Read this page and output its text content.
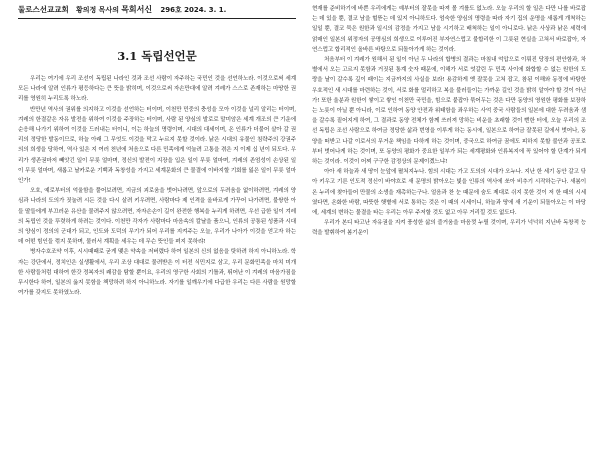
둘로스선교교회 황의정 목사의 목회서신 296호 2024. 3. 1.
3.1 독립선언문

우리는 여기에 우리 조선이 독립된 나라인 것과 조선 사람이 자주하는 국민인 것을 선언하노라. 이것으로써 세계 모든 나라에 알려 인류가 평등하다는 큰 뜻을 밝히며, 이것으로써 자손만대에 알려 겨레가 스스로 존재하는 마땅한 권리를 영원히 누리도록 하노라.

반만년 역사의 권위를 의지하고 이것을 선언하는 터이며, 이천만 민중의 충성을 모아 이것을 널리 알리는 터이며, 겨레의 한결같은 자유 발전을 위하여 이것을 주장하는 터이며, 사람 된 양심의 발로로 말미암은 세계 개조의 큰 기운에 순응해 나가기 위하여 이것을 드러내는 터이니, 이는 하늘의 명령이며, 시대의 대세이며, 온 인류가 더불어 살아 갈 권리의 정당한 발동이므로, 하늘 아래 그 무엇도 이것을 막고 누르지 못할 것이라. 낡은 시대의 유물인 침략주의 강권주의의 희생을 당하여, 역사 있은 지 여러 천년에 처음으로 다른 민족에게 억눌려 고통을 겪은 지 이제 십 년이 되도다. 우리가 생존권마저 빼앗긴 일이 무릇 얼마며, 정신의 발전이 지장을 입은 일이 무릇 얼마며, 겨레의 존엄성이 손상된 일이 무릇 얼마며, 새롭고 날카로운 기백과 독창성을 가지고 세계문화의 큰 물결에 이바지할 기회를 잃은 일이 무릇 얼마인가!

오호, 예로부터의 억울함을 풀어보려면, 지금의 괴로움을 벗어나려면, 앞으로의 두려움을 없이하려면, 겨레의 양심과 나라의 도의가 짓눌려 시든 것을 다시 살려 키우려면, 사람마다 제 인격을 올바르게 가꾸어 나가려면, 불쌍한 아들 딸들에게 부끄러운 유산을 물려주지 않으려면, 자자손손이 길이 완전한 행복을 누리게 하려면, 우선 급한 일이 겨레의 독립인 것을 뚜렷하게 하려는 것이다. 이천만 각자가 사람마다 마음속의 칼날을 품으니, 인류의 공통된 성품과 시대의 양심이 정의의 군대가 되고, 인도와 도덕의 무기가 되어 우리를 지켜주는 오늘, 우리가 나아가 이것을 얻고자 하는 데 어떤 힘인들 꺾지 못하며, 물러서 계획을 세우는 데 무슨 뜻인들 펴지 못하랴!

병자수호조약 이후, 시시때때로 굳게 맺은 약속을 저버렸다 하여 일본의 신의 없음을 탓하려 하지 아니하노라. 학자는 강단에서, 정치인은 실생활에서, 우리 조상 대대로 물려받은 이 터전 식민지로 삼고, 우리 문화민족을 마치 미개한 사람들처럼 대하여 한갓 정복자의 쾌감을 탐할 뿐이요, 우리의 영구한 사회의 기틀과, 뛰어난 이 겨레의 마음가짐을 무시한다 하여, 일본의 옳지 못함을 책망하려 하지 아니하노라. 자기를 일깨우기에 다급한 우리는 다른 사람을 원망할 여가를 갖지도 못하였노라.

현재를 준비하기에 바쁜 우리에게는 예부터의 잘못을 따져 볼 겨를도 없노라. 오늘 우리의 할 일은 다만 나를 바로잡는 데 있을 뿐, 결코 남을 헐뜯는 데 있지 아니하도다. 엄숙한 양심의 명령을 따라 자기 집의 운명을 새롭게 개척하는 일일 뿐, 결코 묵은 원한과 일시의 감정을 가지고 남을 시기하고 배척하는 일이 아니로다. 낡은 사상과 낡은 세력에 얽매인 일본의 위정자의 공명심의 희생으로 이루어진 부자연스럽고 불합리한 이 그릇된 현실을 고쳐서 바로잡아, 자연스럽고 합리적인 올바른 바탕으로 되돌아가게 하는 것이라.

처음부터 이 겨레가 원해서 된 일이 아닌 두 나라의 합병의 결과는 마침내 억압으로 이뤄진 당장의 편안함과, 차별에서 오는 고르지 못함과 거짓된 통계 숫자 때문에, 이해가 서로 엇갈린 두 민족 사이에 화합할 수 없는 원한의 도랑을 날이 갈수록 깊이 패이는 지금까지의 사실을 보라! 용감하게 옛 잘못을 고쳐 잡고, 참된 이해와 동정에 바탕한 우호적인 새 시대를 마련하는 것이, 서로 화를 멀리하고 복을 불러들이는 가까운 길인 것을 밝히 알아야 할 것이 아닌가! 또한 울분과 원한이 쌓이고 쌓인 이천만 국민을, 힘으로 붙잡아 묶어두는 것은 다만 동양의 영원한 평화를 보장하는 노릇이 아닐 뿐 아니라, 이로 인하여 동양 안전과 위태함을 좌우하는 사억 중국 사람들의 일본에 대한 두려움과 샘을 갈수록 짙어지게 하여, 그 결과로 동양 전체가 함께 쓰러져 망하는 비운을 초래할 것이 뻔한 터에, 오늘 우리의 조선 독립은 조선 사람으로 하여금 정당한 삶과 번영을 이루게 하는 동시에, 일본으로 하여금 잘못된 길에서 벗어나, 동양을 떠받고 나갈 이로서의 무거운 책임을 다하게 하는 것이며, 중국으로 하여금 꿈에도 피하지 못할 불안과 공포로부터 벗어나게 하는 것이며, 또 동양의 평화가 중요한 일부가 되는 세계평화와 인류복지에 꼭 있어야 할 단계가 되게 하는 것이라. 이것이 어찌 구구한 감정상의 문제이겠느냐!

아아 새 하늘과 새 땅이 눈앞에 펼쳐지누나. 힘의 시대는 가고 도의의 시대가 오누나. 지난 한 세기 동안 갈고 닦아 키우고 기른 인도적 정신이 바야흐로 새 문명의 밝아오는 빛을 인류의 역사에 쏘아 비추기 시작하는구나. 새봄이 온 누리에 찾아들어 만물의 소생을 재촉하는구나. 얼음과 찬 눈 때문에 숨도 제대로 쉬지 못한 것이 저 한 때의 시세였다면, 온화한 바람, 따뜻한 햇볕에 서로 통하는 것은 이 때의 시세이니, 하늘과 땅에 새 기운이 되돌아오는 이 마당에, 세계의 변하는 물결을 타는 우리는 아무 주저할 것도 없고 아무 거리낄 것도 없도다.

우리가 본디 타고난 자유권을 지켜 풍성한 삶의 즐거움을 마음껏 누릴 것이며, 우리가 넉넉히 지닌바 독창적 능력을 발휘하여 봄기운이
